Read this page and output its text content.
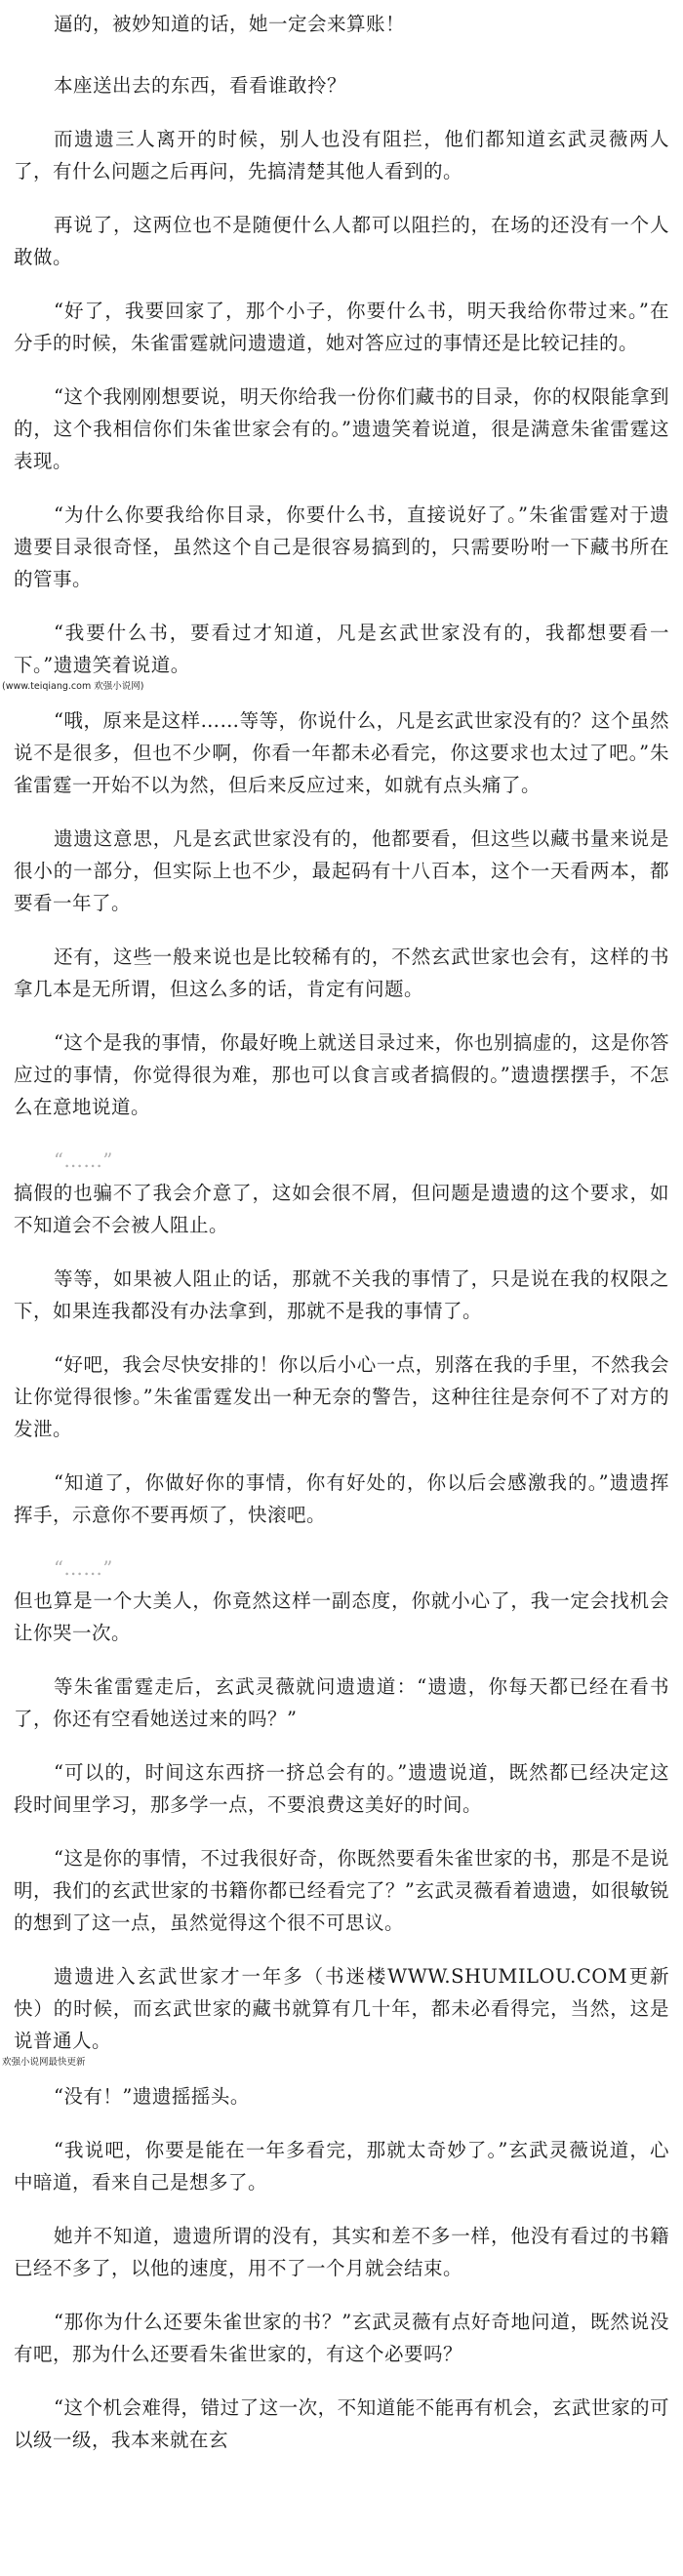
逼的，被妙知道的话，她一定会来算账！

本座送出去的东西，看看谁敢拎？

而遗遗三人离开的时候，别人也没有阻拦，他们都知道玄武灵薇两人了，有什么问题之后再问，先搞清楚其他人看到的。

再说了，这两位也不是随便什么人都可以阻拦的，在场的还没有一个人敢做。

“好了，我要回家了，那个小子，你要什么书，明天我给你带过来。”在分手的时候，朱雀雷霆就问遗遗道，她对答应过的事情还是比较记挂的。

“这个我刚刚想要说，明天你给我一份你们藏书的目录，你的权限能拿到的，这个我相信你们朱雀世家会有的。”遗遗笑着说道，很是满意朱雀雷霆这表现。

“为什么你要我给你目录，你要什么书，直接说好了。”朱雀雷霆对于遗遗要目录很奇怪，虽然这个自己是很容易搞到的，只需要吩咐一下藏书所在的管事。

“我要什么书，要看过才知道，凡是玄武世家没有的，我都想要看一下。”遗遗笑着说道。

(www.teiqiang.com 欢强小说网)

“哦，原来是这样……等等，你说什么，凡是玄武世家没有的？这个虽然说不是很多，但也不少啊，你看一年都未必看完，你这要求也太过了吧。”朱雀雷霆一开始不以为然，但后来反应过来，如就有点头痛了。

遗遗这意思，凡是玄武世家没有的，他都要看，但这些以藏书量来说是很小的一部分，但实际上也不少，最起码有十八百本，这个一天看两本，都要看一年了。

还有，这些一般来说也是比较稀有的，不然玄武世家也会有，这样的书拿几本是无所谓，但这么多的话，肯定有问题。

“这个是我的事情，你最好晚上就送目录过来，你也别搞虚的，这是你答应过的事情，你觉得很为难，那也可以食言或者搞假的。”遗遗摆摆手，不怎么在意地说道。

“……”

搞假的也骗不了我会介意了，这如会很不屑，但问题是遗遗的这个要求，如不知道会不会被人阻止。

等等，如果被人阻止的话，那就不关我的事情了，只是说在我的权限之下，如果连我都没有办法拿到，那就不是我的事情了。

“好吧，我会尽快安排的！你以后小心一点，别落在我的手里，不然我会让你觉得很惨。”朱雀雷霆发出一种无奈的警告，这种往往是奈何不了对方的发泄。

“知道了，你做好你的事情，你有好处的，你以后会感激我的。”遗遗挥挥手，示意你不要再烦了，快滚吧。

“……”

但也算是一个大美人，你竟然这样一副态度，你就小心了，我一定会找机会让你哭一次。

等朱雀雷霆走后，玄武灵薇就问遗遗道：“遗遗，你每天都已经在看书了，你还有空看她送过来的吗？”

“可以的，时间这东西挤一挤总会有的。”遗遗说道，既然都已经决定这段时间里学习，那多学一点，不要浪费这美好的时间。

“这是你的事情，不过我很好奇，你既然要看朱雀世家的书，那是不是说明，我们的玄武世家的书籍你都已经看完了？”玄武灵薇看着遗遗，如很敏锐的想到了这一点，虽然觉得这个很不可思议。

遗遗进入玄武世家才一年多（书迷楼WWW.SHUMILOU.COM更新快）的时候，而玄武世家的藏书就算有几十年，都未必看得完，当然，这是说普通人。

欢强小说网最快更新

“没有！”遗遗摇摇头。

“我说吧，你要是能在一年多看完，那就太奇妙了。”玄武灵薇说道，心中暗道，看来自己是想多了。

她并不知道，遗遗所谓的没有，其实和差不多一样，他没有看过的书籍已经不多了，以他的速度，用不了一个月就会结束。

“那你为什么还要朱雀世家的书？”玄武灵薇有点好奇地问道，既然说没有吧，那为什么还要看朱雀世家的，有这个必要吗？

“这个机会难得，错过了这一次，不知道能不能再有机会，玄武世家的可以级一级，我本来就在玄
